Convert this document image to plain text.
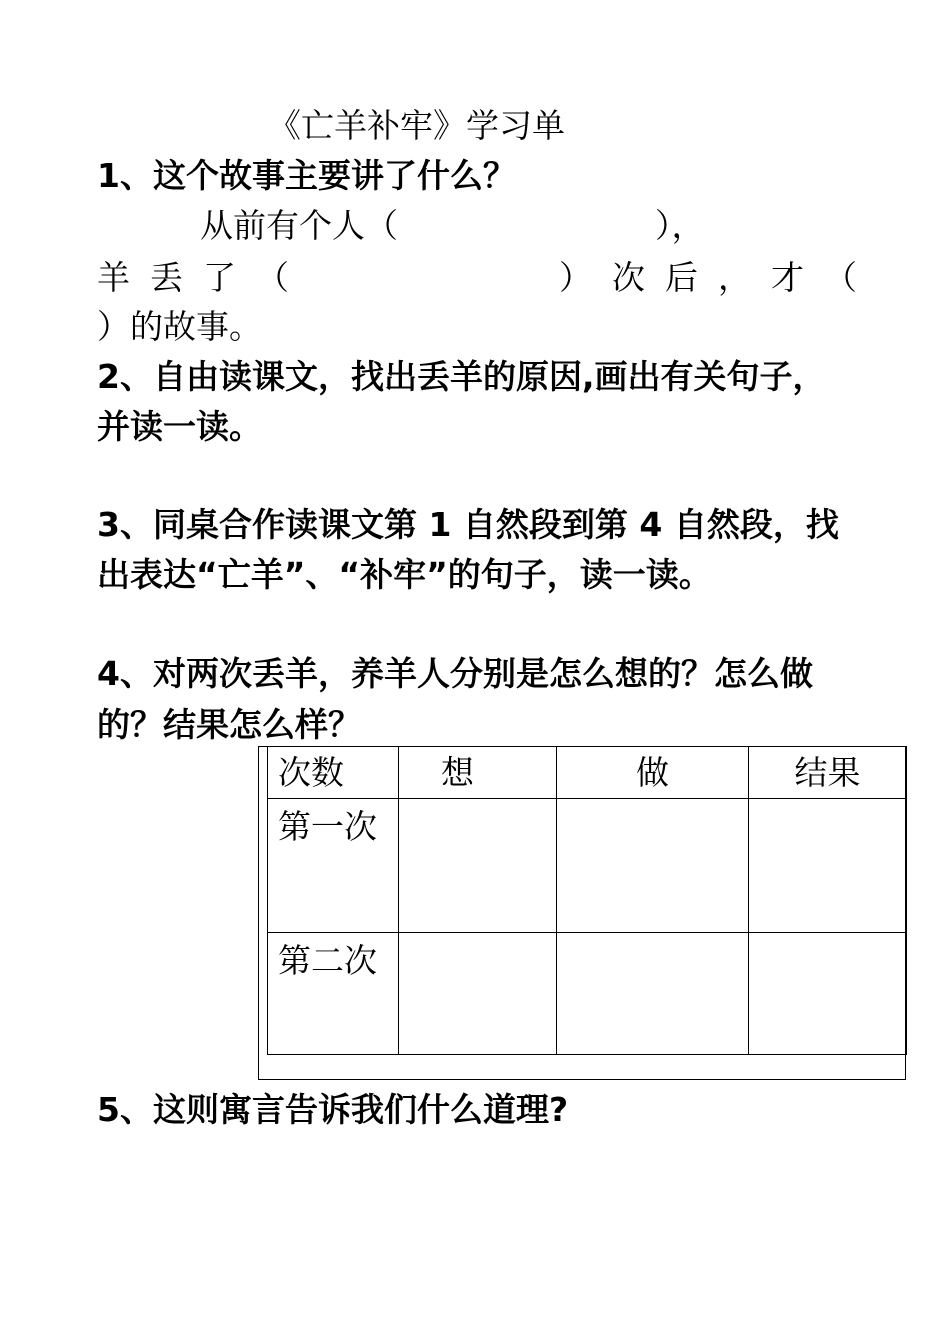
《亡羊补牢》学习单
1、这个故事主要讲了什么？
从前有个人（	），
羊 丢 了 （	） 次 后 ， 才 （
）的故事。
2、自由读课文，找出丢羊的原因,画出有关句子，
并读一读。
3、同桌合作读课文第 1 自然段到第 4 自然段，找
出表达“亡羊”、“补牢”的句子，读一读。
4、对两次丢羊，养羊人分别是怎么想的？怎么做
的？结果怎么样？
次数	想	做	结果

第一次			

第二次			

5、这则寓言告诉我们什么道理?
